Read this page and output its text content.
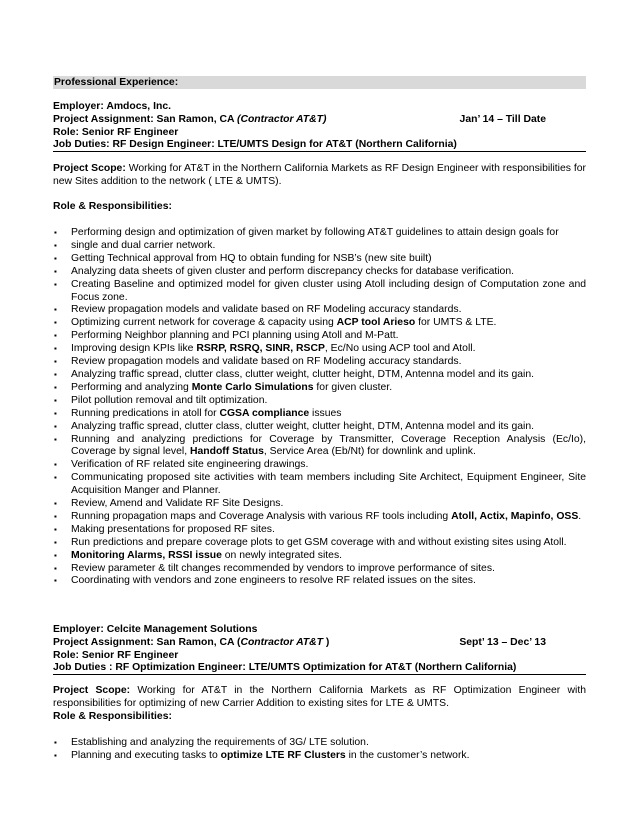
Professional Experience:
Employer: Amdocs, Inc.
Project Assignment: San Ramon, CA (Contractor AT&T)	Jan’ 14 – Till Date
Role: Senior RF Engineer
Job Duties: RF Design Engineer: LTE/UMTS Design for AT&T (Northern California)
Project Scope: Working for AT&T in the Northern California Markets as RF Design Engineer with responsibilities for new Sites addition to the network ( LTE & UMTS).
Role & Responsibilities:
▪ Performing design and optimization of given market by following AT&T guidelines to attain design goals for
▪ single and dual carrier network.
▪ Getting Technical approval from HQ to obtain funding for NSB’s (new site built)
▪ Analyzing data sheets of given cluster and perform discrepancy checks for database verification.
▪ Creating Baseline and optimized model for given cluster using Atoll including design of Computation zone and Focus zone.
▪ Review propagation models and validate based on RF Modeling accuracy standards.
▪ Optimizing current network for coverage & capacity using ACP tool Arieso for UMTS & LTE.
▪ Performing Neighbor planning and PCI planning using Atoll and M-Patt.
▪ Improving design KPIs like RSRP, RSRQ, SINR, RSCP, Ec/No using ACP tool and Atoll.
▪ Review propagation models and validate based on RF Modeling accuracy standards.
▪ Analyzing traffic spread, clutter class, clutter weight, clutter height, DTM, Antenna model and its gain.
▪ Performing and analyzing Monte Carlo Simulations for given cluster.
▪ Pilot pollution removal and tilt optimization.
▪ Running predications in atoll for CGSA compliance issues
▪ Analyzing traffic spread, clutter class, clutter weight, clutter height, DTM, Antenna model and its gain.
▪ Running and analyzing predictions for Coverage by Transmitter, Coverage Reception Analysis (Ec/Io), Coverage by signal level, Handoff Status, Service Area (Eb/Nt) for downlink and uplink.
▪ Verification of RF related site engineering drawings.
▪ Communicating proposed site activities with team members including Site Architect, Equipment Engineer, Site Acquisition Manger and Planner.
▪ Review, Amend and Validate RF Site Designs.
▪ Running propagation maps and Coverage Analysis with various RF tools including Atoll, Actix, Mapinfo, OSS.
▪ Making presentations for proposed RF sites.
▪ Run predictions and prepare coverage plots to get GSM coverage with and without existing sites using Atoll.
▪ Monitoring Alarms, RSSI issue on newly integrated sites.
▪ Review parameter & tilt changes recommended by vendors to improve performance of sites.
▪ Coordinating with vendors and zone engineers to resolve RF related issues on the sites.
Employer: Celcite Management Solutions
Project Assignment: San Ramon, CA (Contractor AT&T )	Sept’ 13 – Dec’ 13
Role: Senior RF Engineer
Job Duties : RF Optimization Engineer: LTE/UMTS Optimization for AT&T (Northern California)
Project Scope: Working for AT&T in the Northern California Markets as RF Optimization Engineer with responsibilities for optimizing of new Carrier Addition to existing sites for LTE & UMTS.
Role & Responsibilities:
▪ Establishing and analyzing the requirements of 3G/ LTE solution.
▪ Planning and executing tasks to optimize LTE RF Clusters in the customer’s network.
